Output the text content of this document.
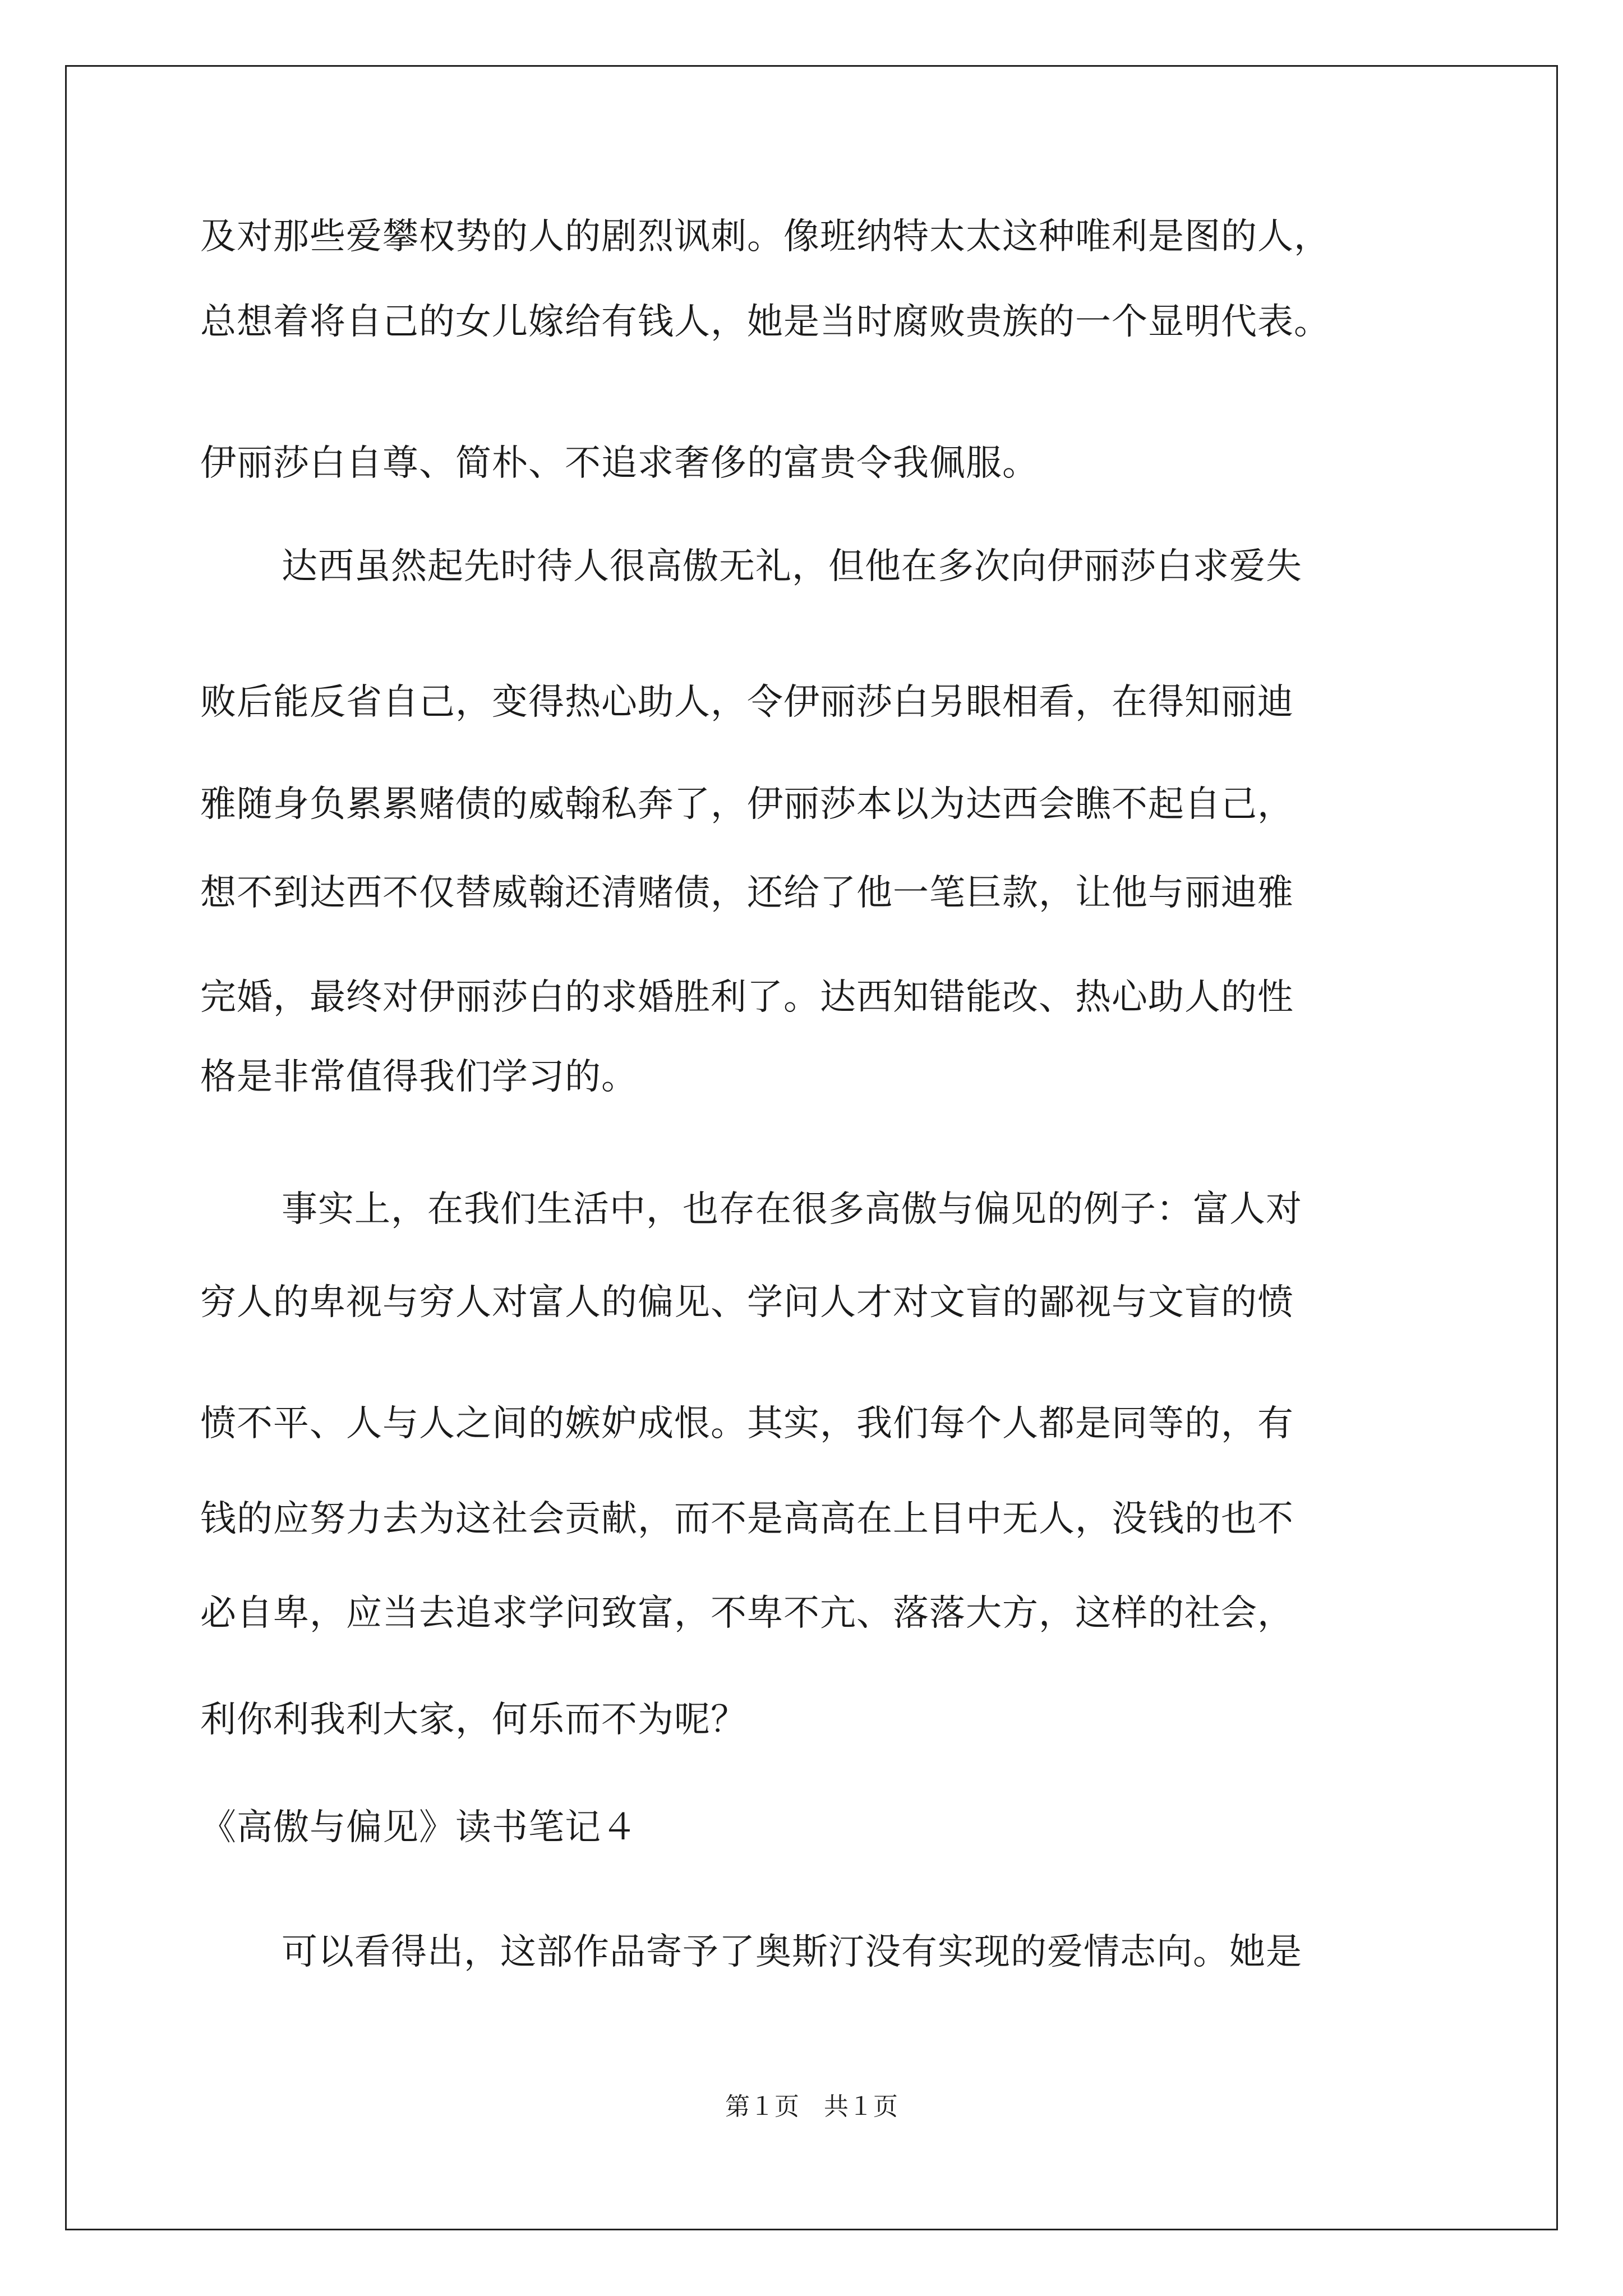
及对那些爱攀权势的人的剧烈讽刺。像班纳特太太这种唯利是图的人，
总想着将自己的女儿嫁给有钱人，她是当时腐败贵族的一个显明代表。
伊丽莎白自尊、简朴、不追求奢侈的富贵令我佩服。
达西虽然起先时待人很高傲无礼，但他在多次向伊丽莎白求爱失
败后能反省自己，变得热心助人，令伊丽莎白另眼相看，在得知丽迪
雅随身负累累赌债的威翰私奔了，伊丽莎本以为达西会瞧不起自己，
想不到达西不仅替威翰还清赌债，还给了他一笔巨款，让他与丽迪雅
完婚，最终对伊丽莎白的求婚胜利了。达西知错能改、热心助人的性
格是非常值得我们学习的。
事实上，在我们生活中，也存在很多高傲与偏见的例子：富人对
穷人的卑视与穷人对富人的偏见、学问人才对文盲的鄙视与文盲的愤
愤不平、人与人之间的嫉妒成恨。其实，我们每个人都是同等的，有
钱的应努力去为这社会贡献，而不是高高在上目中无人，没钱的也不
必自卑，应当去追求学问致富，不卑不亢、落落大方，这样的社会，
利你利我利大家，何乐而不为呢？
《高傲与偏见》读书笔记４
可以看得出，这部作品寄予了奥斯汀没有实现的爱情志向。她是
第１页　共１页
